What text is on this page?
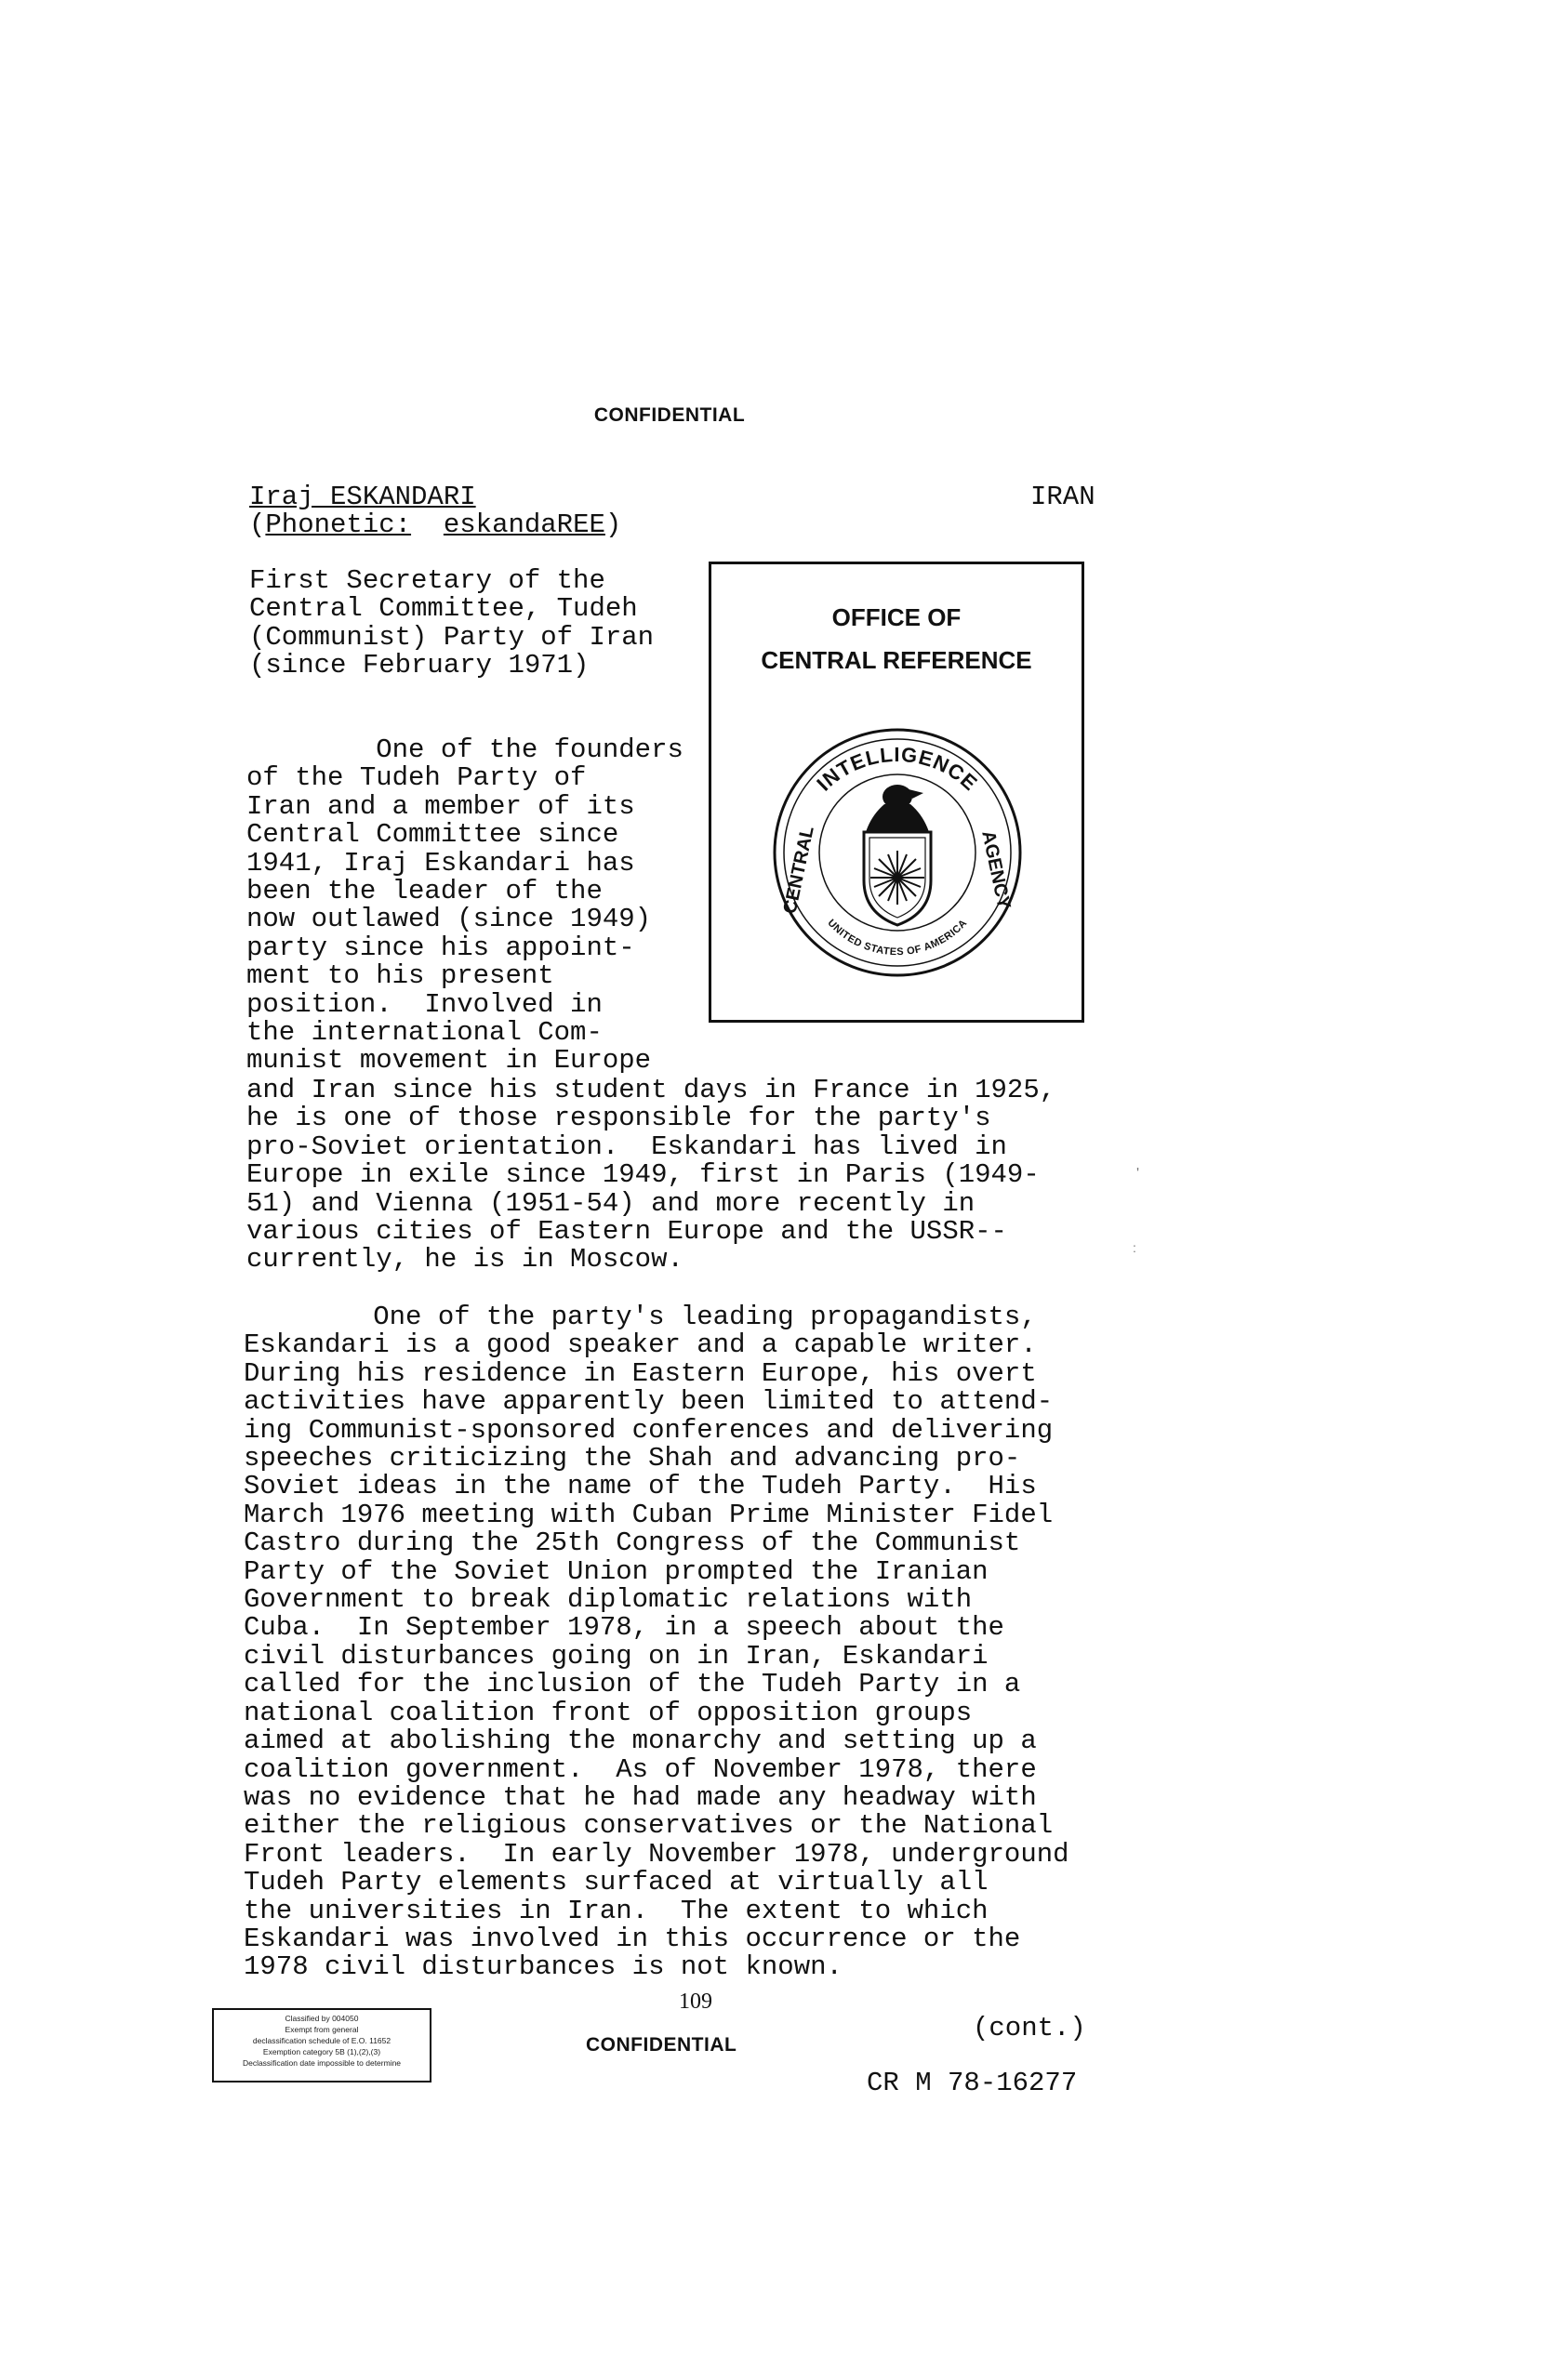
CONFIDENTIAL
Iraj ESKANDARI
(Phonetic: eskandaREE)
IRAN
First Secretary of the
Central Committee, Tudeh
(Communist) Party of Iran
(since February 1971)
OFFICE OF
CENTRAL REFERENCE
INTELLIGENCE
CENTRAL	AGENCY
UNITED STATES OF AMERICA
One of the founders
of the Tudeh Party of
Iran and a member of its
Central Committee since
1941, Iraj Eskandari has
been the leader of the
now outlawed (since 1949)
party since his appoint-
ment to his present
position.  Involved in
the international Com-
munist movement in Europe
and Iran since his student days in France in 1925,
he is one of those responsible for the party's
pro-Soviet orientation.  Eskandari has lived in
Europe in exile since 1949, first in Paris (1949-
51) and Vienna (1951-54) and more recently in
various cities of Eastern Europe and the USSR--
currently, he is in Moscow.
One of the party's leading propagandists,
Eskandari is a good speaker and a capable writer.
During his residence in Eastern Europe, his overt
activities have apparently been limited to attend-
ing Communist-sponsored conferences and delivering
speeches criticizing the Shah and advancing pro-
Soviet ideas in the name of the Tudeh Party.  His
March 1976 meeting with Cuban Prime Minister Fidel
Castro during the 25th Congress of the Communist
Party of the Soviet Union prompted the Iranian
Government to break diplomatic relations with
Cuba.  In September 1978, in a speech about the
civil disturbances going on in Iran, Eskandari
called for the inclusion of the Tudeh Party in a
national coalition front of opposition groups
aimed at abolishing the monarchy and setting up a
coalition government.  As of November 1978, there
was no evidence that he had made any headway with
either the religious conservatives or the National
Front leaders.  In early November 1978, underground
Tudeh Party elements surfaced at virtually all
the universities in Iran.  The extent to which
Eskandari was involved in this occurrence or the
1978 civil disturbances is not known.
Classified by 004050
Exempt from general
declassification schedule of E.O. 11652
Exemption category 5B (1),(2),(3)
Declassification date impossible to determine
109
(cont.)
CONFIDENTIAL
CR M 78-16277
'
:
